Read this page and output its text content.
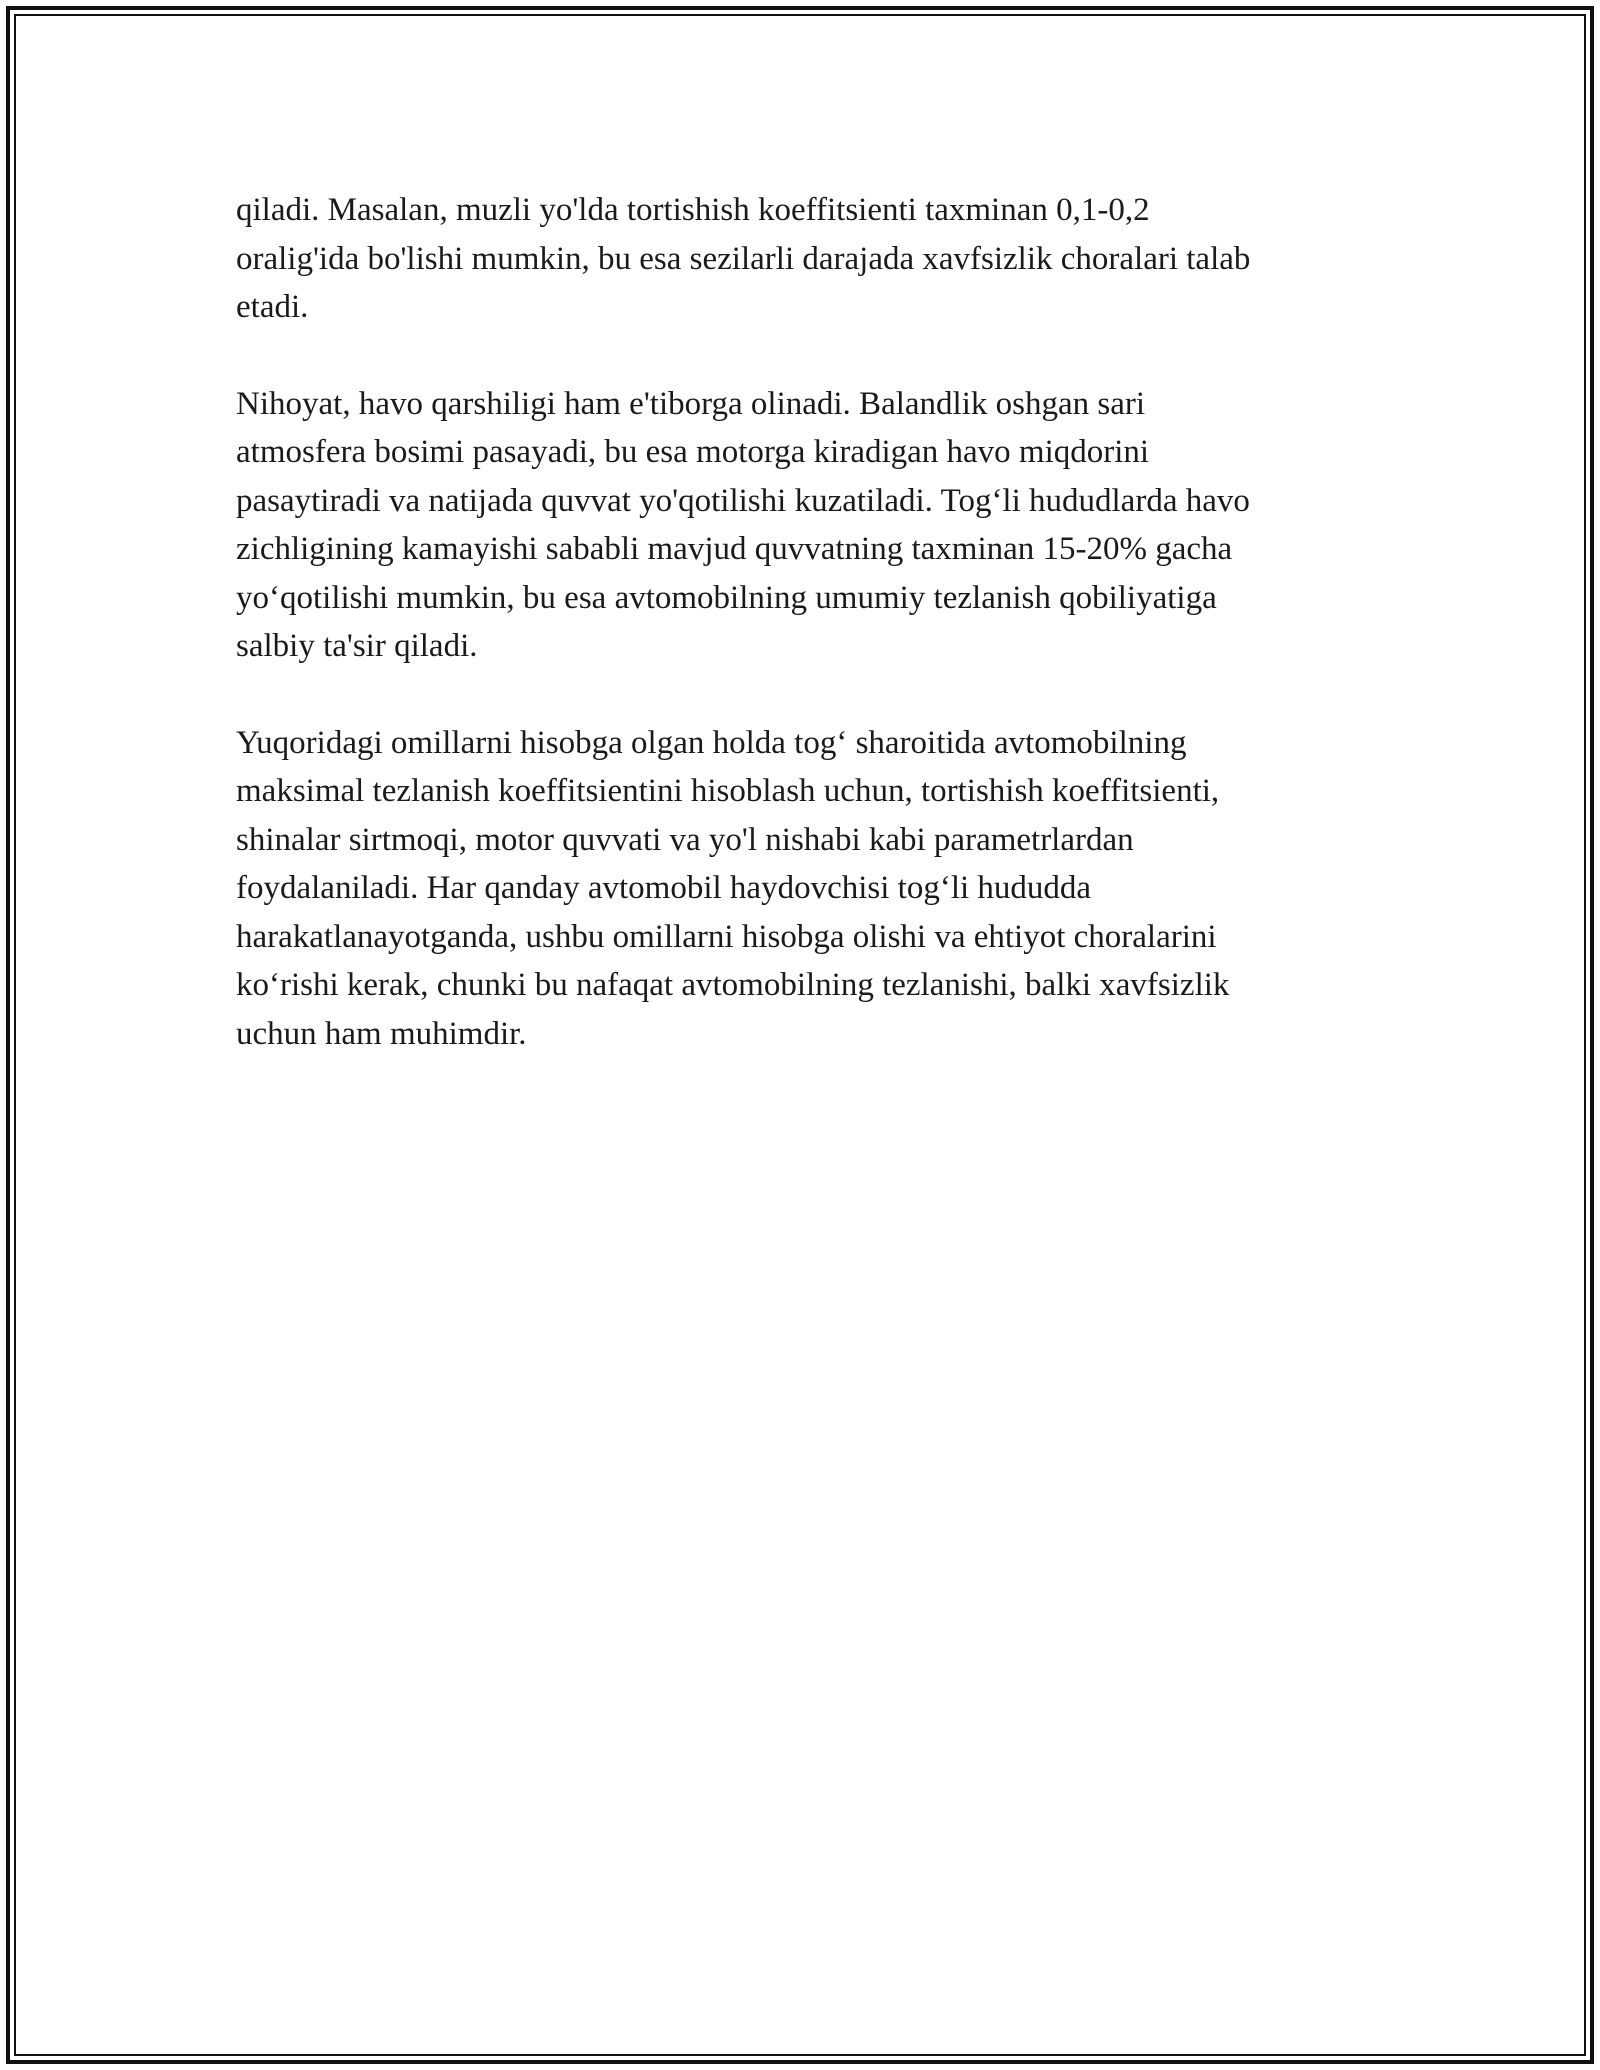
qiladi. Masalan, muzli yo'lda tortishish koeffitsienti taxminan 0,1-0,2
oralig'ida bo'lishi mumkin, bu esa sezilarli darajada xavfsizlik choralari talab
etadi.

Nihoyat, havo qarshiligi ham e'tiborga olinadi. Balandlik oshgan sari
atmosfera bosimi pasayadi, bu esa motorga kiradigan havo miqdorini
pasaytiradi va natijada quvvat yo'qotilishi kuzatiladi. Tog‘li hududlarda havo
zichligining kamayishi sababli mavjud quvvatning taxminan 15-20% gacha
yo‘qotilishi mumkin, bu esa avtomobilning umumiy tezlanish qobiliyatiga
salbiy ta'sir qiladi.

Yuqoridagi omillarni hisobga olgan holda tog‘ sharoitida avtomobilning
maksimal tezlanish koeffitsientini hisoblash uchun, tortishish koeffitsienti,
shinalar sirtmoqi, motor quvvati va yo'l nishabi kabi parametrlardan
foydalaniladi. Har qanday avtomobil haydovchisi tog‘li hududda
harakatlanayotganda, ushbu omillarni hisobga olishi va ehtiyot choralarini
ko‘rishi kerak, chunki bu nafaqat avtomobilning tezlanishi, balki xavfsizlik
uchun ham muhimdir.
